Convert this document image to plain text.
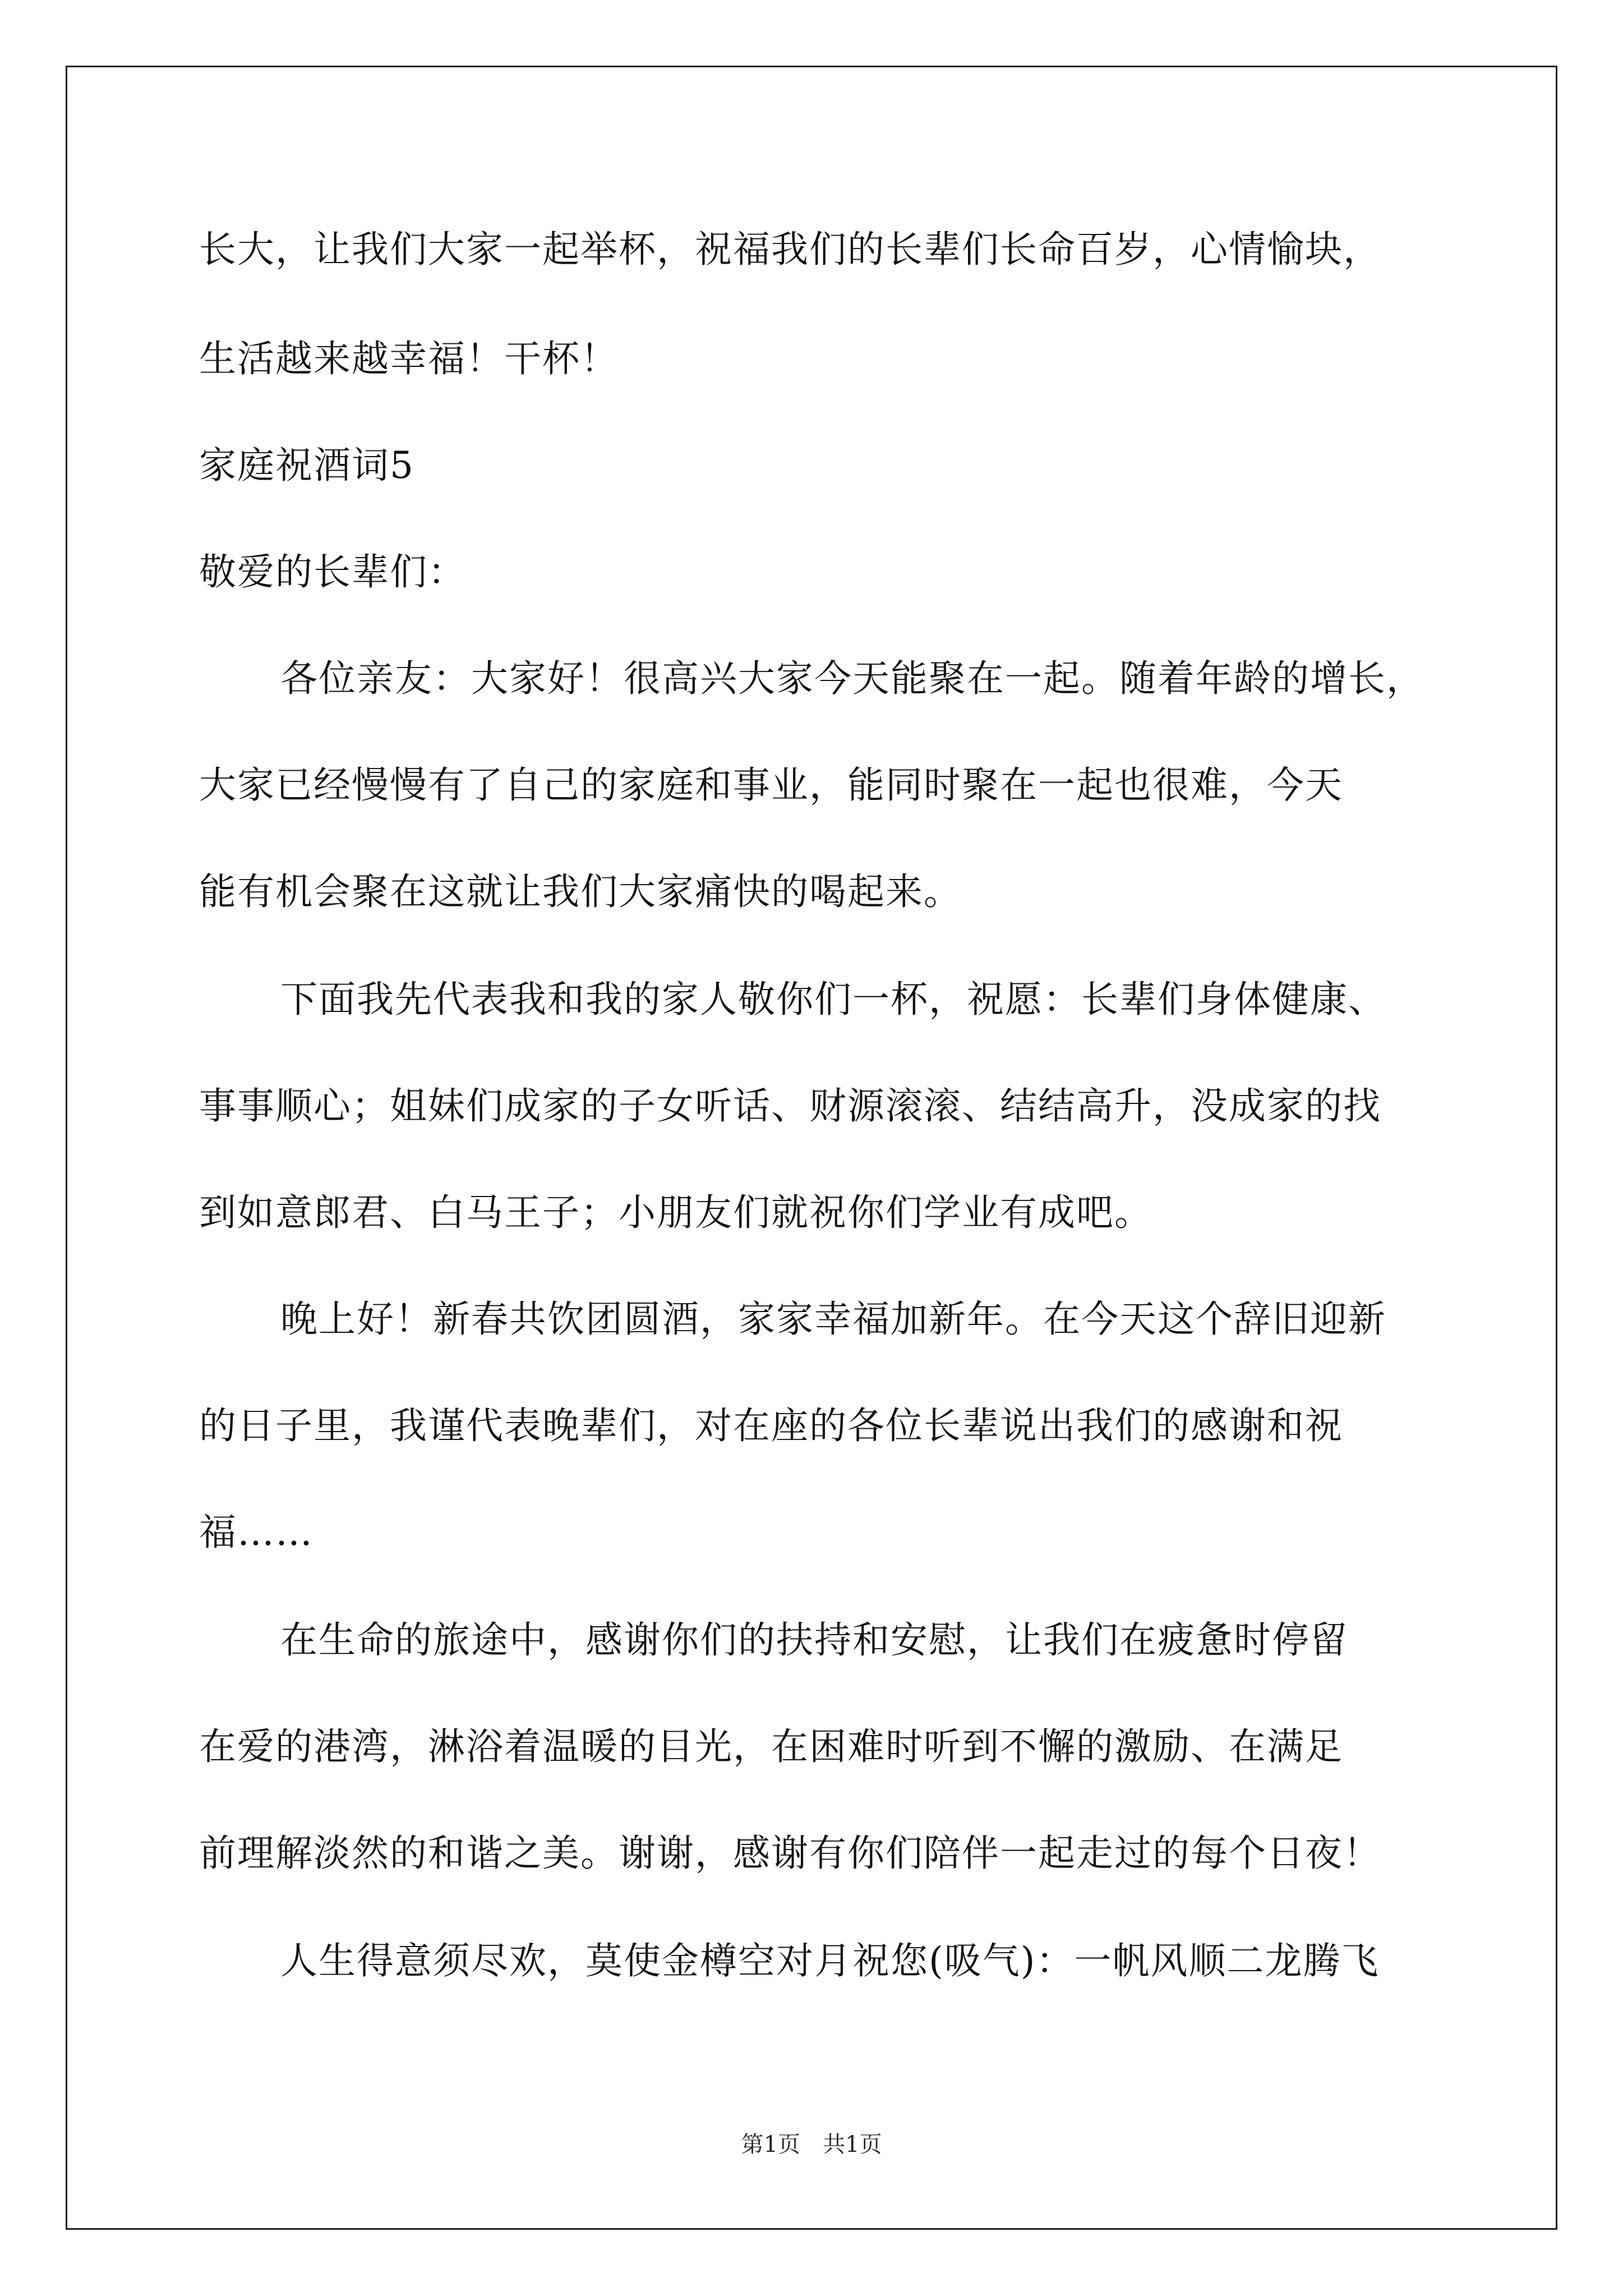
长大，让我们大家一起举杯，祝福我们的长辈们长命百岁，心情愉块，
生活越来越幸福！干杯！
家庭祝酒词5
敬爱的长辈们：
各位亲友：大家好！很高兴大家今天能聚在一起。随着年龄的增长，
大家已经慢慢有了自己的家庭和事业，能同时聚在一起也很难，今天
能有机会聚在这就让我们大家痛快的喝起来。
下面我先代表我和我的家人敬你们一杯，祝愿：长辈们身体健康、
事事顺心；姐妹们成家的子女听话、财源滚滚、结结高升，没成家的找
到如意郎君、白马王子；小朋友们就祝你们学业有成吧。
晚上好！新春共饮团圆酒，家家幸福加新年。在今天这个辞旧迎新
的日子里，我谨代表晚辈们，对在座的各位长辈说出我们的感谢和祝
福……
在生命的旅途中，感谢你们的扶持和安慰，让我们在疲惫时停留
在爱的港湾，淋浴着温暖的目光，在困难时听到不懈的激励、在满足
前理解淡然的和谐之美。谢谢，感谢有你们陪伴一起走过的每个日夜！
人生得意须尽欢，莫使金樽空对月祝您(吸气)：一帆风顺二龙腾飞
第1页　共1页
